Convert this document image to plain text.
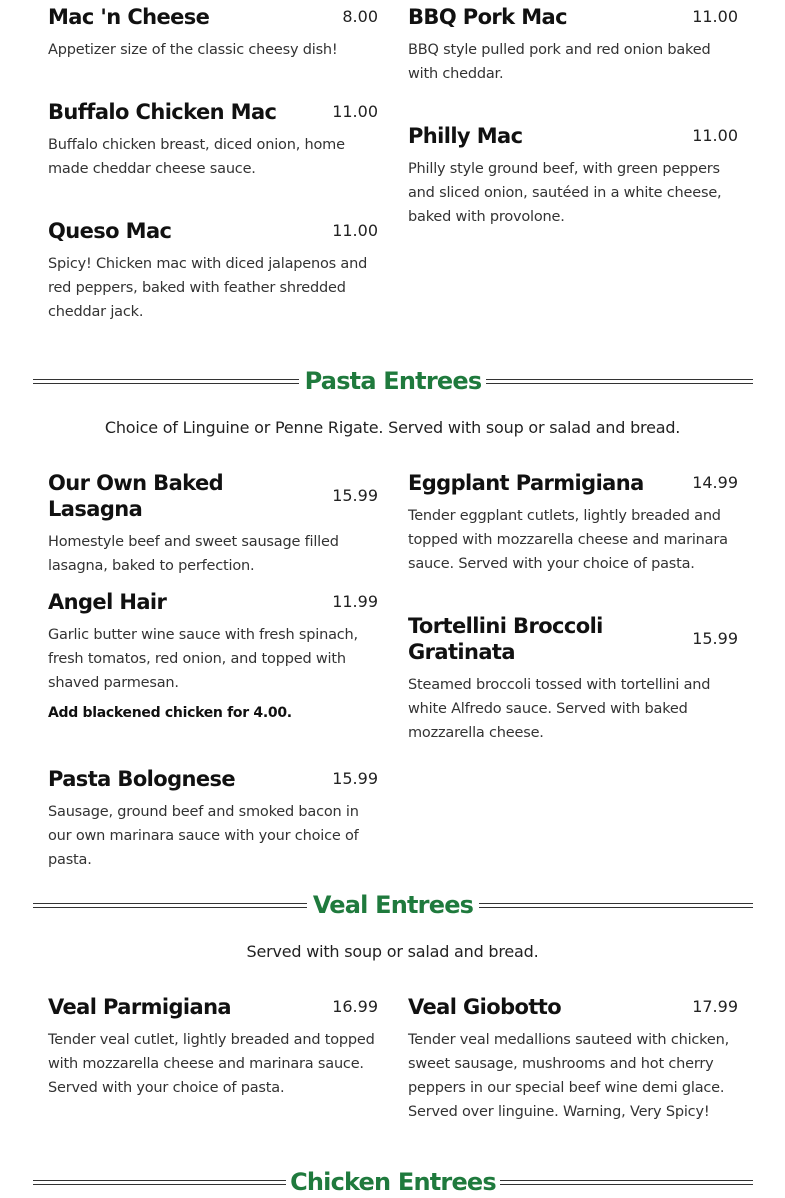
Mac 'n Cheese	8.00
Appetizer size of the classic cheesy dish!
BBQ Pork Mac	11.00
BBQ style pulled pork and red onion baked with cheddar.
Buffalo Chicken Mac	11.00
Buffalo chicken breast, diced onion, home made cheddar cheese sauce.
Philly Mac	11.00
Philly style ground beef, with green peppers and sliced onion, sautéed in a white cheese, baked with provolone.
Queso Mac	11.00
Spicy! Chicken mac with diced jalapenos and red peppers, baked with feather shredded cheddar jack.
Pasta Entrees
Choice of Linguine or Penne Rigate. Served with soup or salad and bread.
Our Own Baked Lasagna
15.99
Homestyle beef and sweet sausage filled lasagna, baked to perfection.
Eggplant Parmigiana	14.99
Tender eggplant cutlets, lightly breaded and topped with mozzarella cheese and marinara sauce. Served with your choice of pasta.
Angel Hair	11.99
Garlic butter wine sauce with fresh spinach, fresh tomatos, red onion, and topped with shaved parmesan.
Add blackened chicken for 4.00.
Tortellini Broccoli Gratinata
15.99
Steamed broccoli tossed with tortellini and white Alfredo sauce. Served with baked mozzarella cheese.
Pasta Bolognese	15.99
Sausage, ground beef and smoked bacon in our own marinara sauce with your choice of pasta.
Veal Entrees
Served with soup or salad and bread.
Veal Parmigiana	16.99
Tender veal cutlet, lightly breaded and topped with mozzarella cheese and marinara sauce. Served with your choice of pasta.
Veal Giobotto	17.99
Tender veal medallions sauteed with chicken, sweet sausage, mushrooms and hot cherry peppers in our special beef wine demi glace. Served over linguine. Warning, Very Spicy!
Chicken Entrees
